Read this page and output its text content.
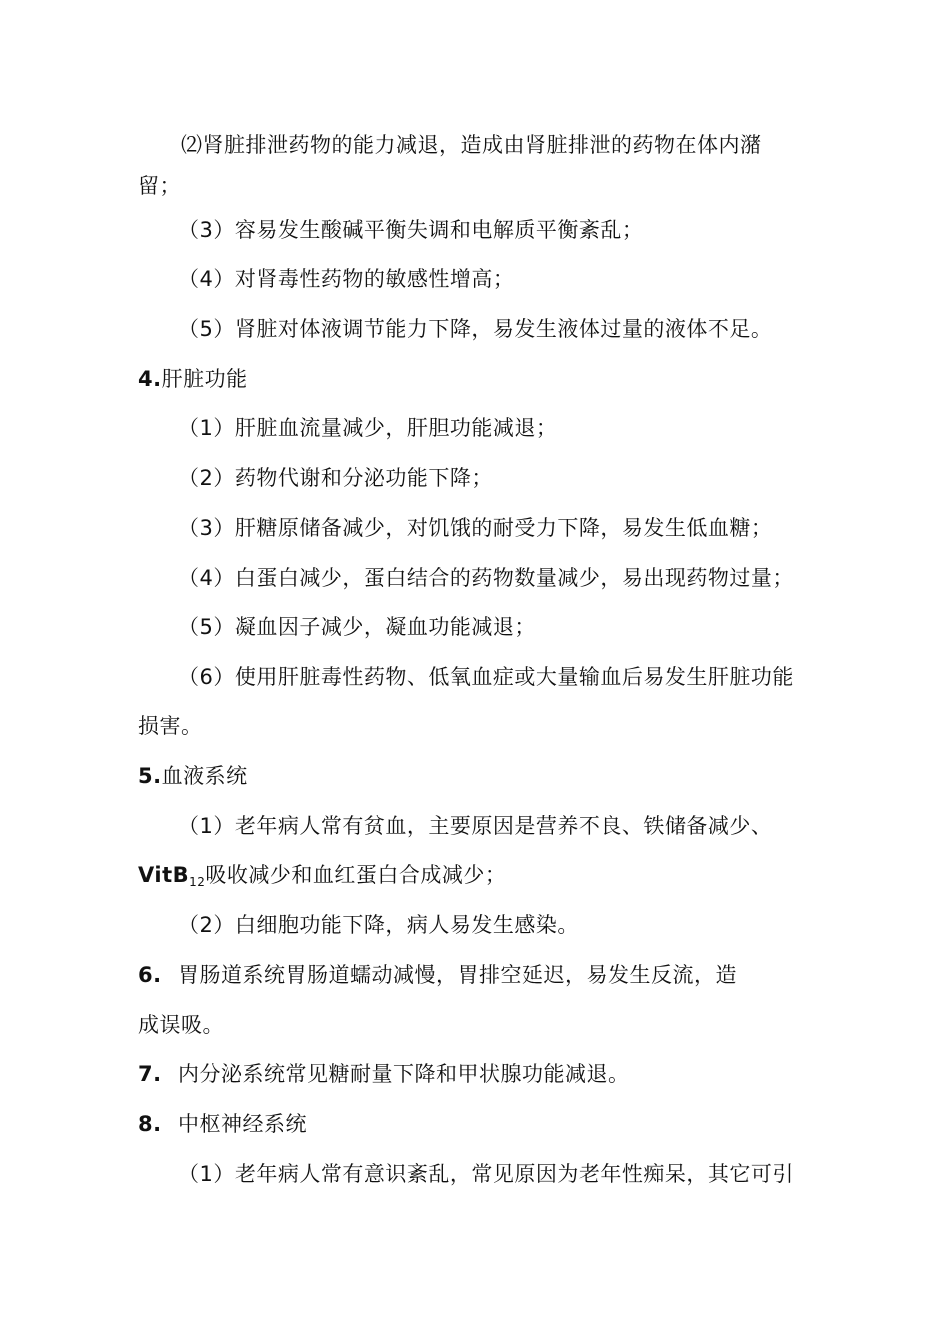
⑵肾脏排泄药物的能力减退，造成由肾脏排泄的药物在体内潴
留；
（3）容易发生酸碱平衡失调和电解质平衡紊乱；
（4）对肾毒性药物的敏感性增高；
（5）肾脏对体液调节能力下降，易发生液体过量的液体不足。
4.肝脏功能
（1）肝脏血流量减少，肝胆功能减退；
（2）药物代谢和分泌功能下降；
（3）肝糖原储备减少，对饥饿的耐受力下降，易发生低血糖；
（4）白蛋白减少，蛋白结合的药物数量减少，易出现药物过量；
（5）凝血因子减少，凝血功能减退；
（6）使用肝脏毒性药物、低氧血症或大量输血后易发生肝脏功能
损害。
5.血液系统
（1）老年病人常有贫血，主要原因是营养不良、铁储备减少、
VitB12吸收减少和血红蛋白合成减少；
（2）白细胞功能下降，病人易发生感染。
6. 胃肠道系统胃肠道蠕动减慢，胃排空延迟，易发生反流，造
成误吸。
7. 内分泌系统常见糖耐量下降和甲状腺功能减退。
8. 中枢神经系统
（1）老年病人常有意识紊乱，常见原因为老年性痴呆，其它可引
